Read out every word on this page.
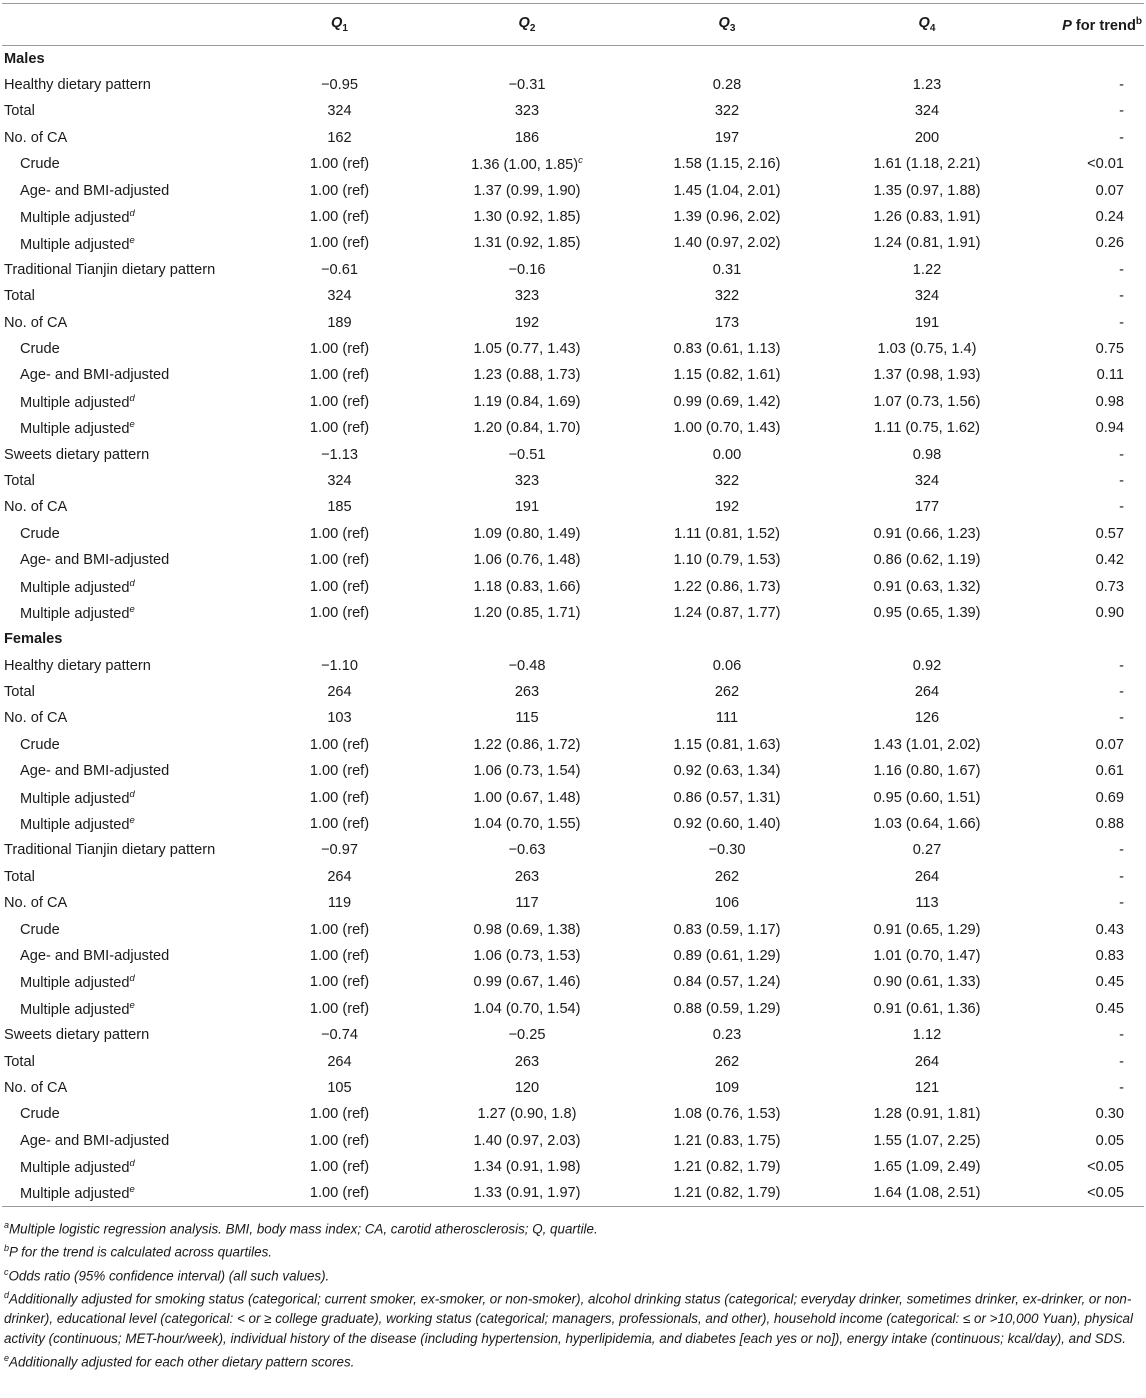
	$Q_1$	$Q_2$	$Q_3$	$Q_4$	P for trend$^b$
Males					
Healthy dietary pattern	−0.95	−0.31	0.28	1.23	-
Total	324	323	322	324	-
No. of CA	162	186	197	200	-
Crude	1.00 (ref)	1.36 (1.00, 1.85)$^c$	1.58 (1.15, 2.16)	1.61 (1.18, 2.21)	<0.01
Age- and BMI-adjusted	1.00 (ref)	1.37 (0.99, 1.90)	1.45 (1.04, 2.01)	1.35 (0.97, 1.88)	0.07
Multiple adjusted$^d$	1.00 (ref)	1.30 (0.92, 1.85)	1.39 (0.96, 2.02)	1.26 (0.83, 1.91)	0.24
Multiple adjusted$^e$	1.00 (ref)	1.31 (0.92, 1.85)	1.40 (0.97, 2.02)	1.24 (0.81, 1.91)	0.26
Traditional Tianjin dietary pattern	−0.61	−0.16	0.31	1.22	-
Total	324	323	322	324	-
No. of CA	189	192	173	191	-
Crude	1.00 (ref)	1.05 (0.77, 1.43)	0.83 (0.61, 1.13)	1.03 (0.75, 1.4)	0.75
Age- and BMI-adjusted	1.00 (ref)	1.23 (0.88, 1.73)	1.15 (0.82, 1.61)	1.37 (0.98, 1.93)	0.11
Multiple adjusted$^d$	1.00 (ref)	1.19 (0.84, 1.69)	0.99 (0.69, 1.42)	1.07 (0.73, 1.56)	0.98
Multiple adjusted$^e$	1.00 (ref)	1.20 (0.84, 1.70)	1.00 (0.70, 1.43)	1.11 (0.75, 1.62)	0.94
Sweets dietary pattern	−1.13	−0.51	0.00	0.98	-
Total	324	323	322	324	-
No. of CA	185	191	192	177	-
Crude	1.00 (ref)	1.09 (0.80, 1.49)	1.11 (0.81, 1.52)	0.91 (0.66, 1.23)	0.57
Age- and BMI-adjusted	1.00 (ref)	1.06 (0.76, 1.48)	1.10 (0.79, 1.53)	0.86 (0.62, 1.19)	0.42
Multiple adjusted$^d$	1.00 (ref)	1.18 (0.83, 1.66)	1.22 (0.86, 1.73)	0.91 (0.63, 1.32)	0.73
Multiple adjusted$^e$	1.00 (ref)	1.20 (0.85, 1.71)	1.24 (0.87, 1.77)	0.95 (0.65, 1.39)	0.90
Females					
Healthy dietary pattern	−1.10	−0.48	0.06	0.92	-
Total	264	263	262	264	-
No. of CA	103	115	111	126	-
Crude	1.00 (ref)	1.22 (0.86, 1.72)	1.15 (0.81, 1.63)	1.43 (1.01, 2.02)	0.07
Age- and BMI-adjusted	1.00 (ref)	1.06 (0.73, 1.54)	0.92 (0.63, 1.34)	1.16 (0.80, 1.67)	0.61
Multiple adjusted$^d$	1.00 (ref)	1.00 (0.67, 1.48)	0.86 (0.57, 1.31)	0.95 (0.60, 1.51)	0.69
Multiple adjusted$^e$	1.00 (ref)	1.04 (0.70, 1.55)	0.92 (0.60, 1.40)	1.03 (0.64, 1.66)	0.88
Traditional Tianjin dietary pattern	−0.97	−0.63	−0.30	0.27	-
Total	264	263	262	264	-
No. of CA	119	117	106	113	-
Crude	1.00 (ref)	0.98 (0.69, 1.38)	0.83 (0.59, 1.17)	0.91 (0.65, 1.29)	0.43
Age- and BMI-adjusted	1.00 (ref)	1.06 (0.73, 1.53)	0.89 (0.61, 1.29)	1.01 (0.70, 1.47)	0.83
Multiple adjusted$^d$	1.00 (ref)	0.99 (0.67, 1.46)	0.84 (0.57, 1.24)	0.90 (0.61, 1.33)	0.45
Multiple adjusted$^e$	1.00 (ref)	1.04 (0.70, 1.54)	0.88 (0.59, 1.29)	0.91 (0.61, 1.36)	0.45
Sweets dietary pattern	−0.74	−0.25	0.23	1.12	-
Total	264	263	262	264	-
No. of CA	105	120	109	121	-
Crude	1.00 (ref)	1.27 (0.90, 1.8)	1.08 (0.76, 1.53)	1.28 (0.91, 1.81)	0.30
Age- and BMI-adjusted	1.00 (ref)	1.40 (0.97, 2.03)	1.21 (0.83, 1.75)	1.55 (1.07, 2.25)	0.05
Multiple adjusted$^d$	1.00 (ref)	1.34 (0.91, 1.98)	1.21 (0.82, 1.79)	1.65 (1.09, 2.49)	<0.05
Multiple adjusted$^e$	1.00 (ref)	1.33 (0.91, 1.97)	1.21 (0.82, 1.79)	1.64 (1.08, 2.51)	<0.05
$^a$Multiple logistic regression analysis. BMI, body mass index; CA, carotid atherosclerosis; Q, quartile.
$^b$P for the trend is calculated across quartiles.
$^c$Odds ratio (95% confidence interval) (all such values).
$^d$Additionally adjusted for smoking status (categorical; current smoker, ex-smoker, or non-smoker), alcohol drinking status (categorical; everyday drinker, sometimes drinker, ex-drinker, or non-drinker), educational level (categorical: < or ≥ college graduate), working status (categorical; managers, professionals, and other), household income (categorical: ≤ or >10,000 Yuan), physical activity (continuous; MET-hour/week), individual history of the disease (including hypertension, hyperlipidemia, and diabetes [each yes or no]), energy intake (continuous; kcal/day), and SDS.
$^e$Additionally adjusted for each other dietary pattern scores.
